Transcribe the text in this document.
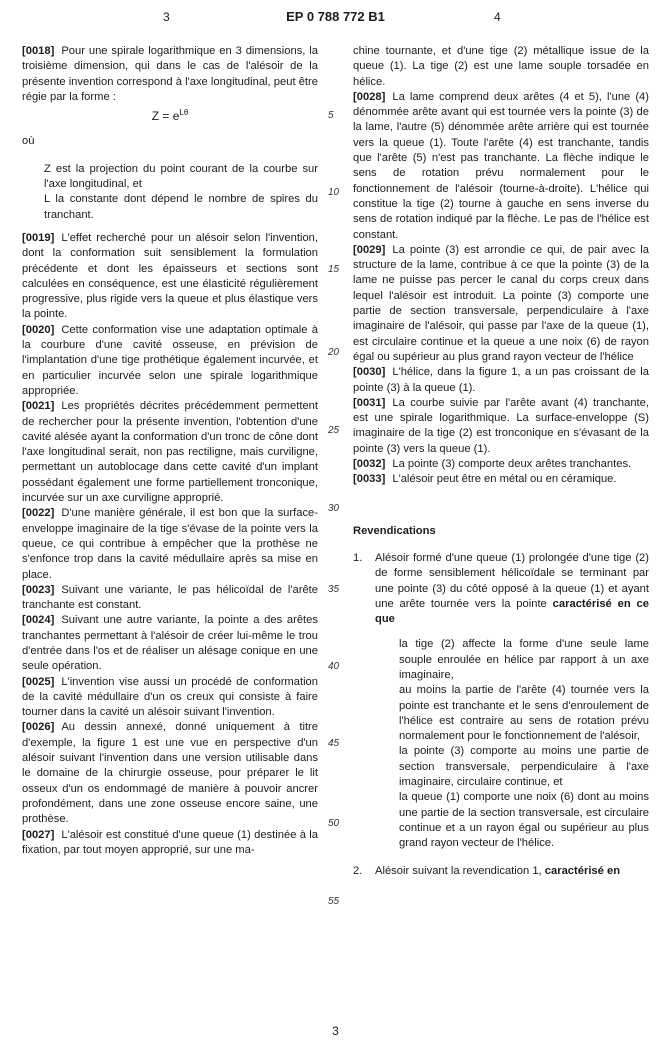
3	EP 0 788 772 B1	4

[0018] Pour une spirale logarithmique en 3 dimensions, la troisième dimension, qui dans le cas de l'alésoir de la présente invention correspond à l'axe longitudinal, peut être régie par la forme :

$Z = e^{L\theta}$

où

Z est la projection du point courant de la courbe sur l'axe longitudinal, et
L la constante dont dépend le nombre de spires du tranchant.

[0019] L'effet recherché pour un alésoir selon l'invention, dont la conformation suit sensiblement la formulation précédente et dont les épaisseurs et sections sont calculées en conséquence, est une élasticité régulièrement progressive, plus rigide vers la queue et plus élastique vers la pointe.

[0020] Cette conformation vise une adaptation optimale à la courbure d'une cavité osseuse, en prévision de l'implantation d'une tige prothétique également incurvée, et en particulier incurvée selon une spirale logarithmique appropriée.

[0021] Les propriétés décrites précédemment permettent de rechercher pour la présente invention, l'obtention d'une cavité alésée ayant la conformation d'un tronc de cône dont l'axe longitudinal serait, non pas rectiligne, mais curviligne, permettant un autoblocage dans cette cavité d'un implant possédant également une forme partiellement tronconique, incurvée sur un axe curviligne approprié.

[0022] D'une manière générale, il est bon que la surface-enveloppe imaginaire de la tige s'évase de la pointe vers la queue, ce qui contribue à empêcher que la prothèse ne s'enfonce trop dans la cavité médullaire après sa mise en place.

[0023] Suivant une variante, le pas hélicoïdal de l'arête tranchante est constant.

[0024] Suivant une autre variante, la pointe a des arêtes tranchantes permettant à l'alésoir de créer lui-même le trou d'entrée dans l'os et de réaliser un alésage conique en une seule opération.

[0025] L'invention vise aussi un procédé de conformation de la cavité médullaire d'un os creux qui consiste à faire tourner dans la cavité un alésoir suivant l'invention.

[0026] Au dessin annexé, donné uniquement à titre d'exemple, la figure 1 est une vue en perspective d'un alésoir suivant l'invention dans une version utilisable dans le domaine de la chirurgie osseuse, pour préparer le lit osseux d'un os endommagé de manière à pouvoir ancrer profondément, dans une zone osseuse encore saine, une prothèse.

[0027] L'alésoir est constitué d'une queue (1) destinée à la fixation, par tout moyen approprié, sur une ma-

chine tournante, et d'une tige (2) métallique issue de la queue (1). La tige (2) est une lame souple torsadée en hélice.

[0028] La lame comprend deux arêtes (4 et 5), l'une (4) dénommée arête avant qui est tournée vers la pointe (3) de la lame, l'autre (5) dénommée arête arrière qui est tournée vers la queue (1). Toute l'arête (4) est tranchante, tandis que l'arête (5) n'est pas tranchante. La flèche indique le sens de rotation prévu normalement pour le fonctionnement de l'alésoir (tourne-à-droite). L'hélice qui constitue la tige (2) tourne à gauche en sens inverse du sens de rotation indiqué par la flèche. Le pas de l'hélice est constant.

[0029] La pointe (3) est arrondie ce qui, de pair avec la structure de la lame, contribue à ce que la pointe (3) de la lame ne puisse pas percer le canal du corps creux dans lequel l'alésoir est introduit. La pointe (3) comporte une partie de section transversale, perpendiculaire à l'axe imaginaire de l'alésoir, qui passe par l'axe de la queue (1), est circulaire continue et la queue a une noix (6) de rayon égal ou supérieur au plus grand rayon vecteur de l'hélice

[0030] L'hélice, dans la figure 1, a un pas croissant de la pointe (3) à la queue (1).

[0031] La courbe suivie par l'arête avant (4) tranchante, est une spirale logarithmique. La surface-enveloppe (S) imaginaire de la tige (2) est tronconique en s'évasant de la pointe (3) vers la queue (1).

[0032] La pointe (3) comporte deux arêtes tranchantes.

[0033] L'alésoir peut être en métal ou en céramique.

Revendications

1. Alésoir formé d'une queue (1) prolongée d'une tige (2) de forme sensiblement hélicoïdale se terminant par une pointe (3) du côté opposé à la queue (1) et ayant une arête tournée vers la pointe caractérisé en ce que

la tige (2) affecte la forme d'une seule lame souple enroulée en hélice par rapport à un axe imaginaire,
au moins la partie de l'arête (4) tournée vers la pointe est tranchante et le sens d'enroulement de l'hélice est contraire au sens de rotation prévu normalement pour le fonctionnement de l'alésoir,
la pointe (3) comporte au moins une partie de section transversale, perpendiculaire à l'axe imaginaire, circulaire continue, et
la queue (1) comporte une noix (6) dont au moins une partie de la section transversale, est circulaire continue et a un rayon égal ou supérieur au plus grand rayon vecteur de l'hélice.

2. Alésoir suivant la revendication 1, caractérisé en

5
10
15
20
25
30
35
40
45
50
55
3
